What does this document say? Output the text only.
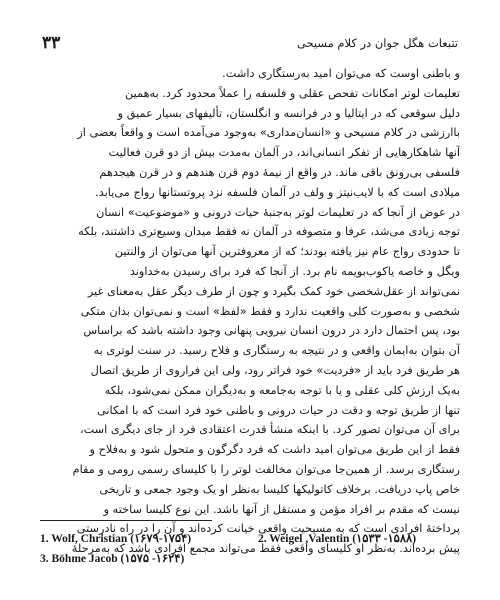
۳۳	تتبعات هگل جوان در کلام مسیحی
و باطنی اوست که می‌توان امید به‌رستگاری داشت.
تعلیمات لوتر امکانات تفحص عقلی و فلسفه را عملاً محدود کرد. به‌همین
دلیل سوقعی که در ایتالیا و در فرانسه و انگلستان، تألیفهای بسیار عمیق و
باارزشی در کلام مسیحی و «انسان‌مداری» به‌وجود می‌آمده است و واقعاً بعضی از
آنها شاهکارهایی از تفکر انسانی‌اند، در آلمان به‌مدت بیش از دو قرن فعالیت
فلسفی بی‌رونق باقی ماند. در واقع از نیمهٔ دوم قرن هندهم و در قرن هیجدهم
میلادی است که با لایب‌نیتز و ولف در آلمان فلسفه نزد پروتستانها رواج می‌یابد.
در عوض از آنجا که در تعلیمات لوتر به‌جنبهٔ حیات درونی و «موضوعیت» انسان
توجه زیادی می‌شد، عرفا و متصوفه در آلمان نه فقط میدان وسیع‌تری داشتند، بلکه
تا حدودی رواج عام نیز یافته بودند؛ که از معروفترین آنها می‌توان از والنتین
ویگل و خاصه یاکوب‌بویمه نام برد. از آنجا که فرد برای رسیدن به‌خداوند
نمی‌تواند از عقل‌شخصی خود کمک بگیرد و چون از طرف دیگر عقل به‌معنای غیر
شخصی و به‌صورت کلی واقعیت ندارد و فقط «لفظ» است و نمی‌توان بدان متکی
بود، پس احتمال دارد در درون انسان نیرویی پنهانی وجود داشته باشد که براساس
آن بتوان به‌ایمان واقعی و در نتیجه به رستگاری و فلاح رسید. در سنت لوتری به
هر طریق فرد باید از «فردیت» خود فراتر رود، ولی این فراروی از طریق اتصال
به‌یک ارزش کلی عقلی و یا با توجه به‌جامعه و به‌دیگران ممکن نمی‌شود، بلکه
تنها از طریق توجه و دقت در حیات درونی و باطنی خود فرد است که با امکانی
برای آن می‌توان تصور کرد. با اینکه منشأ قدرت اعتقادی فرد از جای دیگری است،
فقط از این طریق می‌توان امید داشت که فرد دگرگون و متحول شود و به‌فلاح و
رستگاری برسد. از همین‌جا می‌توان مخالفت لوتر را با کلیسای رسمی رومی و مقام
خاص پاپ دریافت. برخلاف کاتولیکها کلیسا به‌نظر او یک وجود جمعی و تاریخی
نیست که مقدم بر افراد مؤمن و مستقل از آنها باشد. این نوع کلیسا ساخته و
پرداختهٔ افرادی است که به مسیحیت واقعی خیانت کرده‌اند و آن را در راه نادرستی
پیش برده‌اند. به‌نظر او کلیسای واقعی فقط می‌تواند مجمع افرادی باشد که به‌مرحلهٔ
1. Wolf, Christian (۱۶۷۹-۱۷۵۴)	2. Weigel ,Valentin (۱۵۳۳ -۱۵۸۸)
3. Böhme Jacob (۱۵۷۵ -۱۶۲۴)
